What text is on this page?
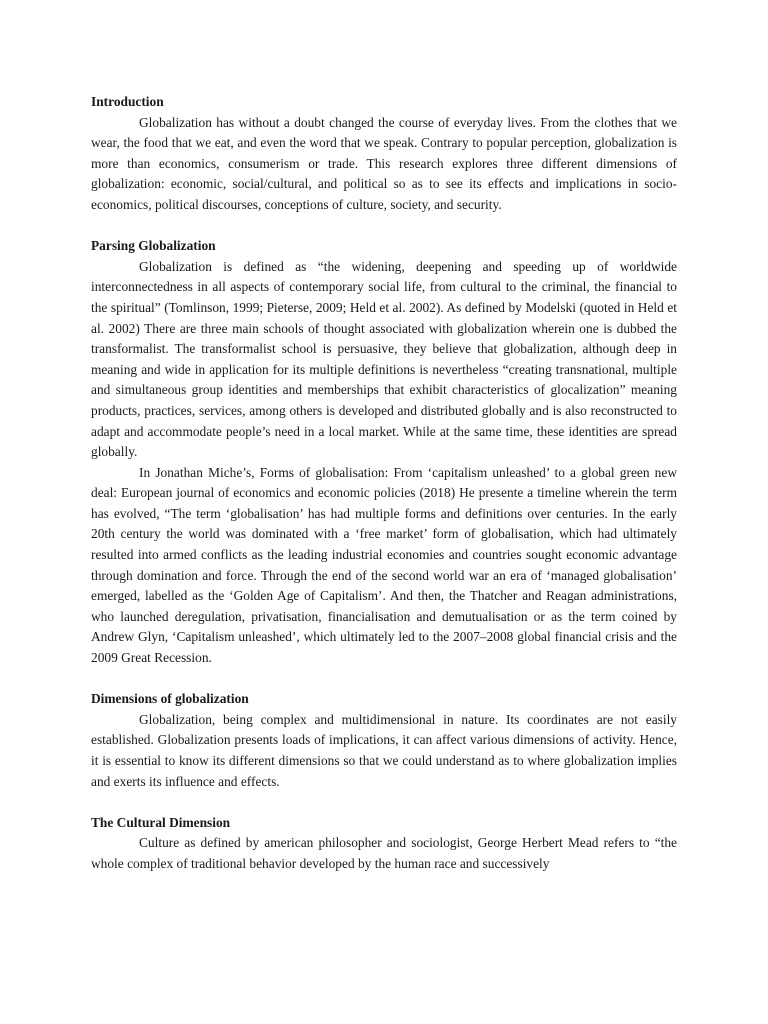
Introduction

Globalization has without a doubt changed the course of everyday lives. From the clothes that we wear, the food that we eat, and even the word that we speak. Contrary to popular perception, globalization is more than economics, consumerism or trade. This research explores three different dimensions of globalization: economic, social/cultural, and political so as to see its effects and implications in socio-economics, political discourses, conceptions of culture, society, and security.

Parsing Globalization

Globalization is defined as “the widening, deepening and speeding up of worldwide interconnectedness in all aspects of contemporary social life, from cultural to the criminal, the financial to the spiritual” (Tomlinson, 1999; Pieterse, 2009; Held et al. 2002). As defined by Modelski (quoted in Held et al. 2002) There are three main schools of thought associated with globalization wherein one is dubbed the transformalist. The transformalist school is persuasive, they believe that globalization, although deep in meaning and wide in application for its multiple definitions is nevertheless “creating transnational, multiple and simultaneous group identities and memberships that exhibit characteristics of glocalization” meaning products, practices, services, among others is developed and distributed globally and is also reconstructed to adapt and accommodate people’s need in a local market. While at the same time, these identities are spread globally.

In Jonathan Miche’s, Forms of globalisation: From ‘capitalism unleashed’ to a global green new deal: European journal of economics and economic policies (2018) He presente a timeline wherein the term has evolved, “The term ‘globalisation’ has had multiple forms and definitions over centuries. In the early 20th century the world was dominated with a ‘free market’ form of globalisation, which had ultimately resulted into armed conflicts as the leading industrial economies and countries sought economic advantage through domination and force. Through the end of the second world war an era of ‘managed globalisation’ emerged, labelled as the ‘Golden Age of Capitalism’. And then, the Thatcher and Reagan administrations, who launched deregulation, privatisation, financialisation and demutualisation or as the term coined by Andrew Glyn, ‘Capitalism unleashed’, which ultimately led to the 2007–2008 global financial crisis and the 2009 Great Recession.

Dimensions of globalization

Globalization, being complex and multidimensional in nature. Its coordinates are not easily established. Globalization presents loads of implications, it can affect various dimensions of activity. Hence, it is essential to know its different dimensions so that we could understand as to where globalization implies and exerts its influence and effects.

The Cultural Dimension

Culture as defined by american philosopher and sociologist, George Herbert Mead refers to “the whole complex of traditional behavior developed by the human race and successively
